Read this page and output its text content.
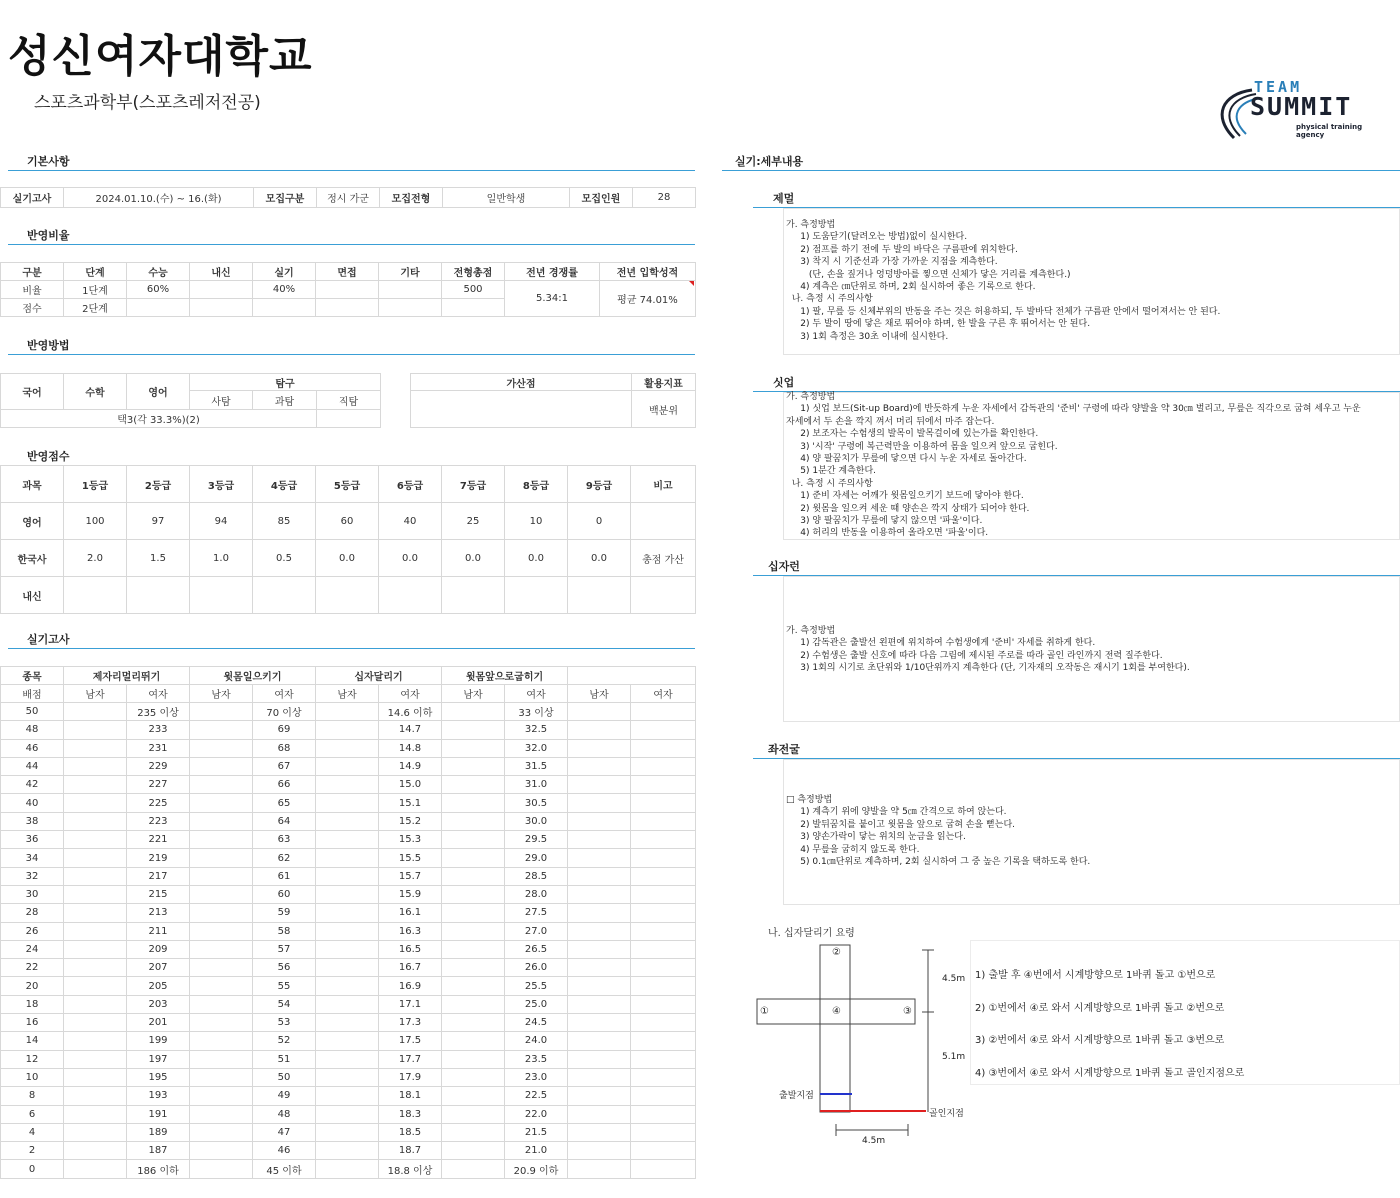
성신여자대학교
스포츠과학부(스포츠레저전공)
TEAM
SUMMIT
physical training agency
기본사항
실기고사	2024.01.10.(수) ~ 16.(화)	모집구분	정시 가군	모집전형	일반학생	모집인원	28
반영비율
구분	단계	수능	내신	실기	면접	기타	전형총점	전년 경쟁률	전년 입학성적
비율	1단계	60%		40%			500	5.34:1	평균 74.01%
점수	2단계								
반영방법
국어	수학	영어	탐구		
			사탐	과탐	직탐
택3(각 33.3%)(2)					
가산점	활용지표
	백분위
반영점수
과목	1등급	2등급	3등급	4등급	5등급	6등급	7등급	8등급	9등급	비고
영어	100	97	94	85	60	40	25	10	0	
한국사	2.0	1.5	1.0	0.5	0.0	0.0	0.0	0.0	0.0	총점 가산
내신										
실기고사
종목	제자리멀리뛰기		윗몸일으키기		십자달리기		윗몸앞으로굽히기			
배점	남자	여자	남자	여자	남자	여자	남자	여자	남자	여자
50		235 이상		70 이상		14.6 이하		33 이상		
48		233		69		14.7		32.5		
46		231		68		14.8		32.0		
44		229		67		14.9		31.5		
42		227		66		15.0		31.0		
40		225		65		15.1		30.5		
38		223		64		15.2		30.0		
36		221		63		15.3		29.5		
34		219		62		15.5		29.0		
32		217		61		15.7		28.5		
30		215		60		15.9		28.0		
28		213		59		16.1		27.5		
26		211		58		16.3		27.0		
24		209		57		16.5		26.5		
22		207		56		16.7		26.0		
20		205		55		16.9		25.5		
18		203		54		17.1		25.0		
16		201		53		17.3		24.5		
14		199		52		17.5		24.0		
12		197		51		17.7		23.5		
10		195		50		17.9		23.0		
8		193		49		18.1		22.5		
6		191		48		18.3		22.0		
4		189		47		18.5		21.5		
2		187		46		18.7		21.0		
0		186 이하		45 이하		18.8 이상		20.9 이하		
실기:세부내용
제멀
가. 측정방법
1) 도움닫기(달려오는 방법)없이 실시한다.
2) 점프를 하기 전에 두 발의 바닥은 구름판에 위치한다.
3) 착지 시 기준선과 가장 가까운 지점을 계측한다.
(단, 손을 짚거나 엉덩방아를 찧으면 신체가 닿은 거리를 계측한다.)
4) 계측은 ㎝단위로 하며, 2회 실시하여 좋은 기록으로 한다.
나. 측정 시 주의사항
1) 팔, 무릎 등 신체부위의 반동을 주는 것은 허용하되, 두 발바닥 전체가 구름판 안에서 떨어져서는 안 된다.
2) 두 발이 땅에 닿은 채로 뛰어야 하며, 한 발을 구른 후 뛰어서는 안 된다.
3) 1회 측정은 30초 이내에 실시한다.
싯업
가. 측정방법
1) 싯업 보드(Sit-up Board)에 반듯하게 누운 자세에서 감독관의 '준비' 구령에 따라 양발을 약 30㎝ 벌리고, 무릎은 직각으로 굽혀 세우고 누운
자세에서 두 손을 깍지 껴서 머리 뒤에서 마주 잡는다.
2) 보조자는 수험생의 발목이 발목걸이에 있는가를 확인한다.
3) '시작' 구령에 복근력만을 이용하여 몸을 일으켜 앞으로 굽힌다.
4) 양 팔꿈치가 무릎에 닿으면 다시 누운 자세로 돌아간다.
5) 1분간 계측한다.
나. 측정 시 주의사항
1) 준비 자세는 어깨가 윗몸일으키기 보드에 닿아야 한다.
2) 윗몸을 일으켜 세운 때 양손은 깍지 상태가 되어야 한다.
3) 양 팔꿈치가 무릎에 닿지 않으면 '파울'이다.
4) 허리의 반동을 이용하여 올라오면 '파울'이다.
십자런
가. 측정방법
1) 감독관은 출발선 왼편에 위치하여 수험생에게 '준비' 자세를 취하게 한다.
2) 수험생은 출발 신호에 따라 다음 그림에 제시된 주로를 따라 골인 라인까지 전력 질주한다.
3) 1회의 시기로 초단위와 1/10단위까지 계측한다 (단, 기자재의 오작동은 재시기 1회를 부여한다).
좌전굴
□ 측정방법
1) 계측기 위에 양발을 약 5㎝ 간격으로 하여 앉는다.
2) 발뒤꿈치를 붙이고 윗몸을 앞으로 굽혀 손을 뻗는다.
3) 양손가락이 닿는 위치의 눈금을 읽는다.
4) 무릎을 굽히지 않도록 한다.
5) 0.1㎝단위로 계측하며, 2회 실시하여 그 중 높은 기록을 택하도록 한다.
나. 십자달리기 요령
②
①	④	③
4.5m
5.1m
4.5m
출발지점
골인지점
1) 출발 후 ④번에서 시계방향으로 1바퀴 돌고 ①번으로
2) ①번에서 ④로 와서 시계방향으로 1바퀴 돌고 ②번으로
3) ②번에서 ④로 와서 시계방향으로 1바퀴 돌고 ③번으로
4) ③번에서 ④로 와서 시계방향으로 1바퀴 돌고 골인지점으로
